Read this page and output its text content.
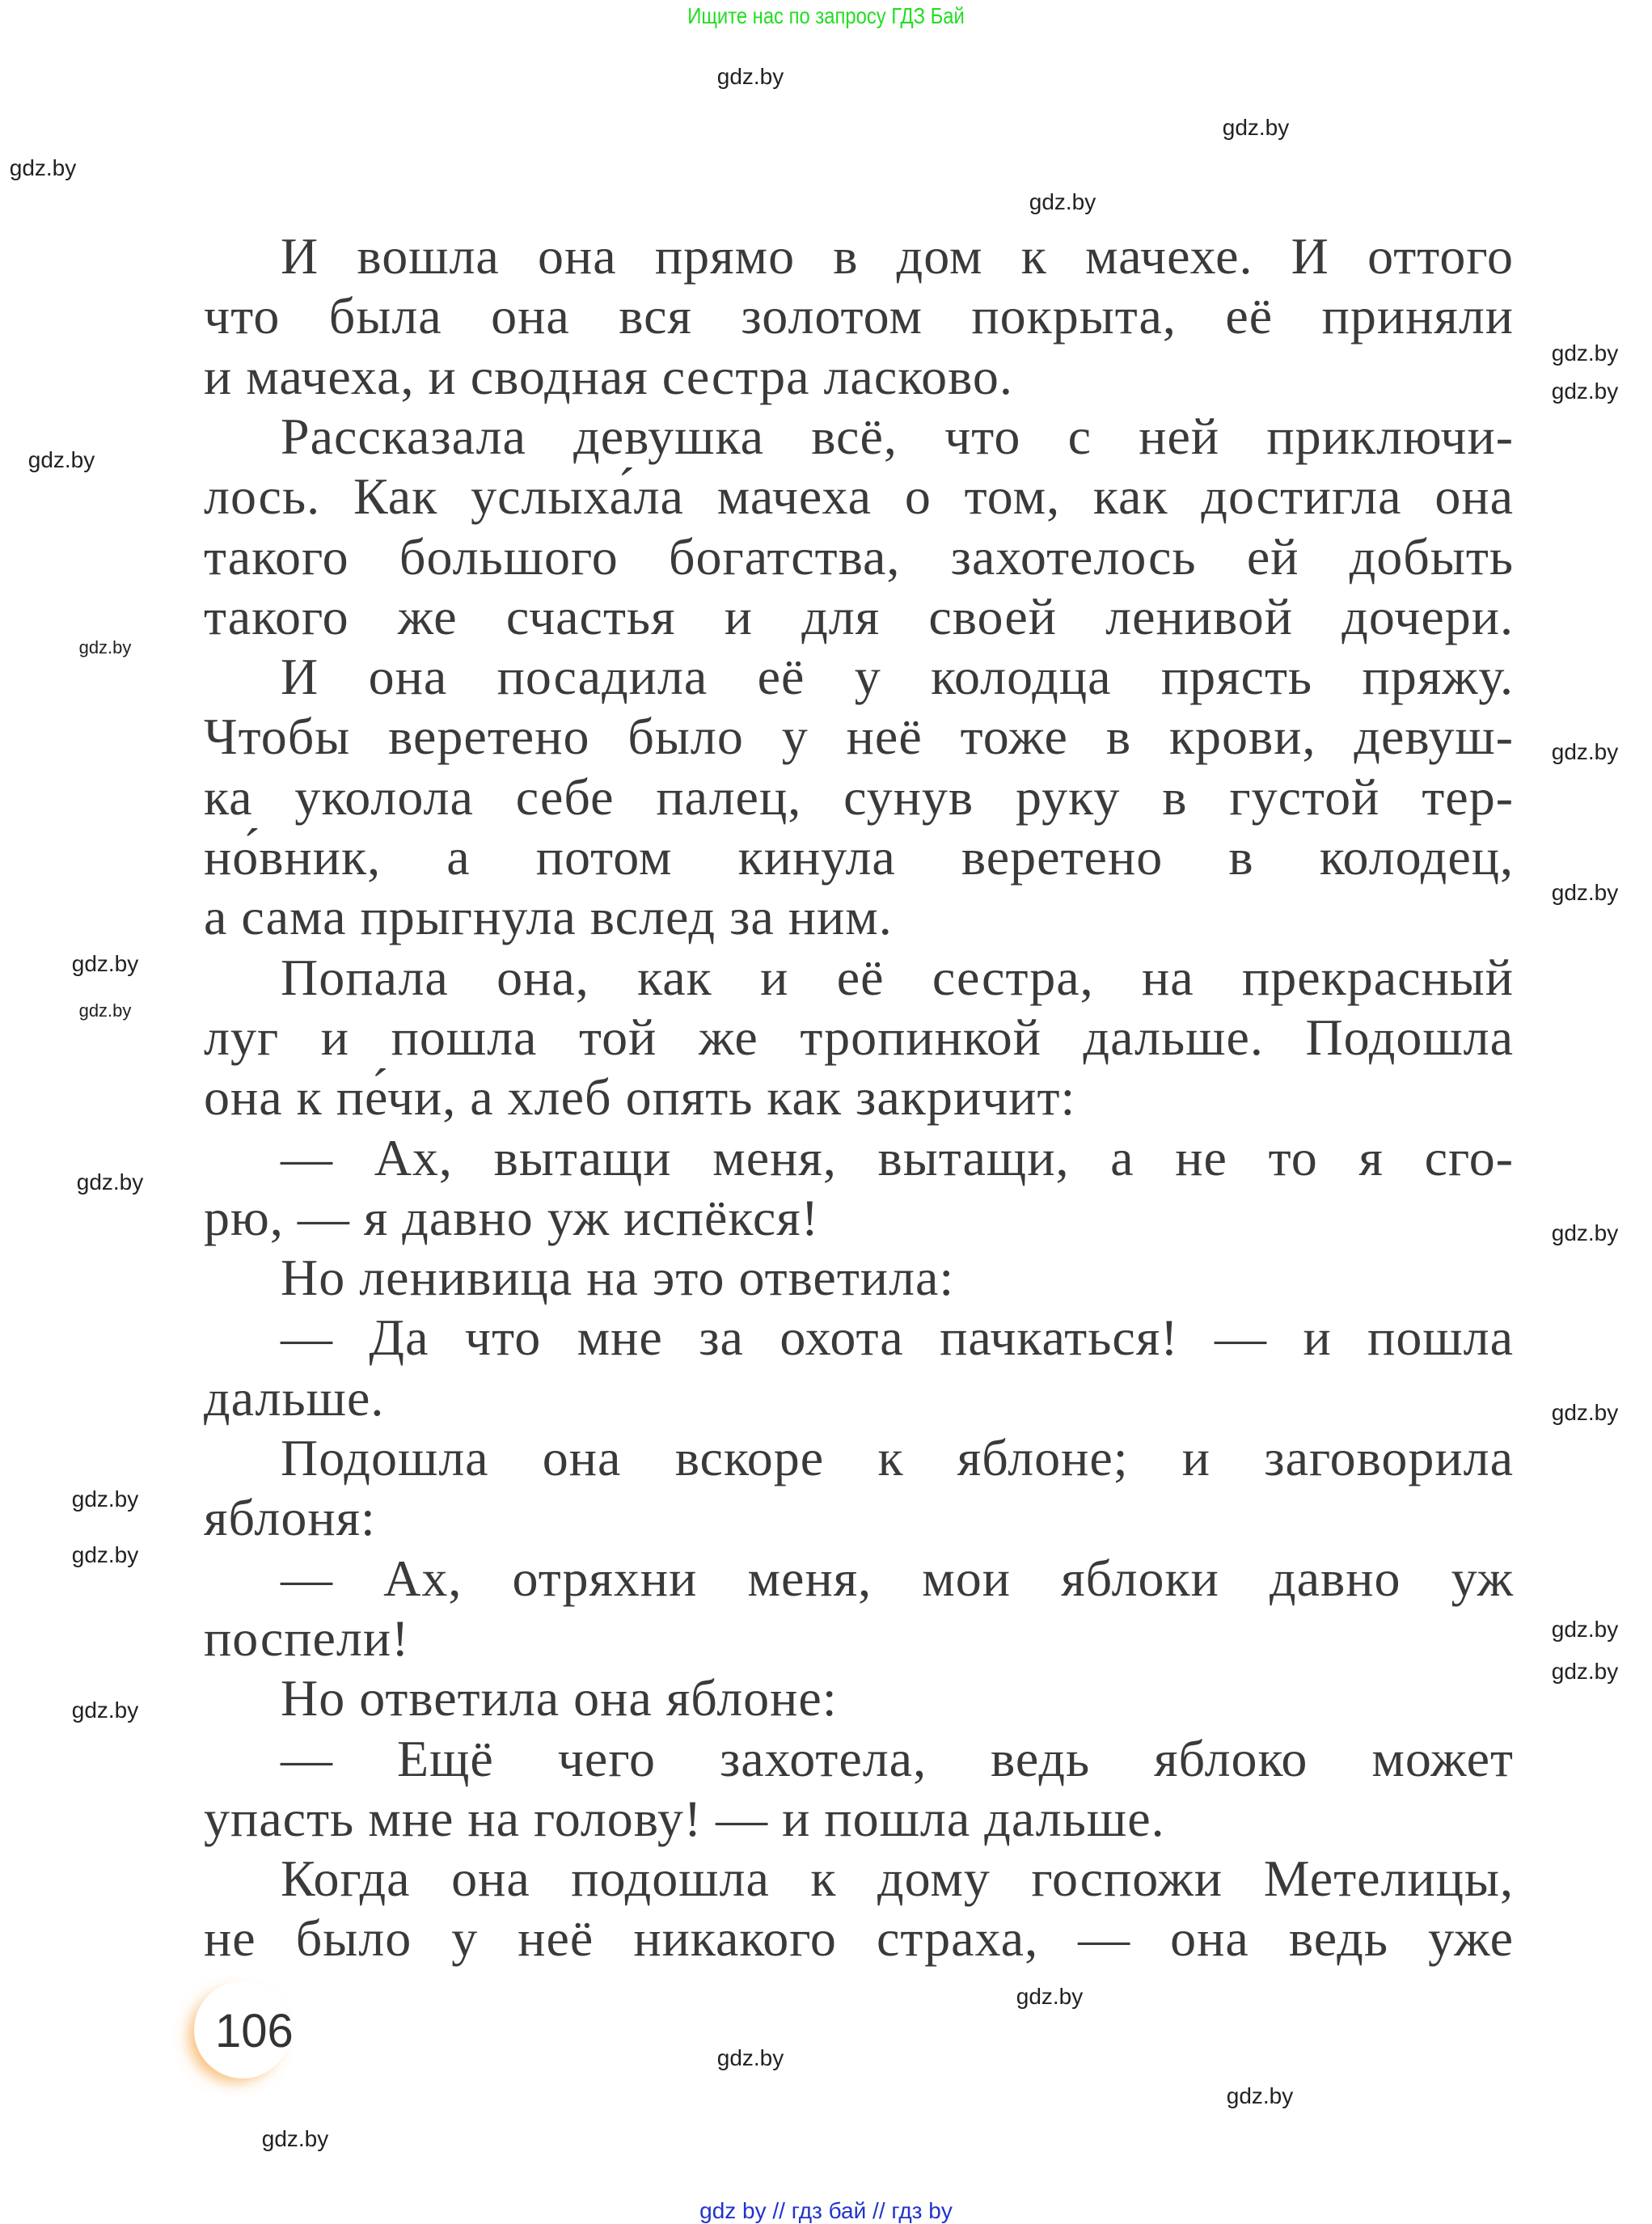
Ищите нас по запросу ГДЗ Бай
И вошла она прямо в дом к мачехе. И оттого
что была она вся золотом покрыта, её приняли
и мачеха, и сводная сестра ласково.
Рассказала девушка всё, что с ней приключи-
лось. Как услыха́ла мачеха о том, как достигла она
такого большого богатства, захотелось ей добыть
такого же счастья и для своей ленивой дочери.
И она посадила её у колодца прясть пряжу.
Чтобы веретено было у неё тоже в крови, девуш-
ка уколола себе палец, сунув руку в густой тер-
но́вник, а потом кинула веретено в колодец,
а сама прыгнула вслед за ним.
Попала она, как и её сестра, на прекрасный
луг и пошла той же тропинкой дальше. Подошла
она к пе́чи, а хлеб опять как закричит:
— Ах, вытащи меня, вытащи, а не то я сго-
рю, — я давно уж испёкся!
Но ленивица на это ответила:
— Да что мне за охота пачкаться! — и пошла
дальше.
Подошла она вскоре к яблоне; и заговорила
яблоня:
— Ах, отряхни меня, мои яблоки давно уж
поспели!
Но ответила она яблоне:
— Ещё чего захотела, ведь яблоко может
упасть мне на голову! — и пошла дальше.
Когда она подошла к дому госпожи Метелицы,
не было у неё никакого страха, — она ведь уже
gdz.by
gdz.by
gdz.by
gdz.by
gdz.by
gdz.by
gdz.by
gdz.by
gdz.by
gdz.by
gdz.by
gdz.by
gdz.by
gdz.by
gdz.by
gdz.by
gdz.by
gdz.by
gdz.by
gdz.by
gdz.by
gdz.by
gdz.by
gdz.by
106
gdz by // гдз бай // гдз by
